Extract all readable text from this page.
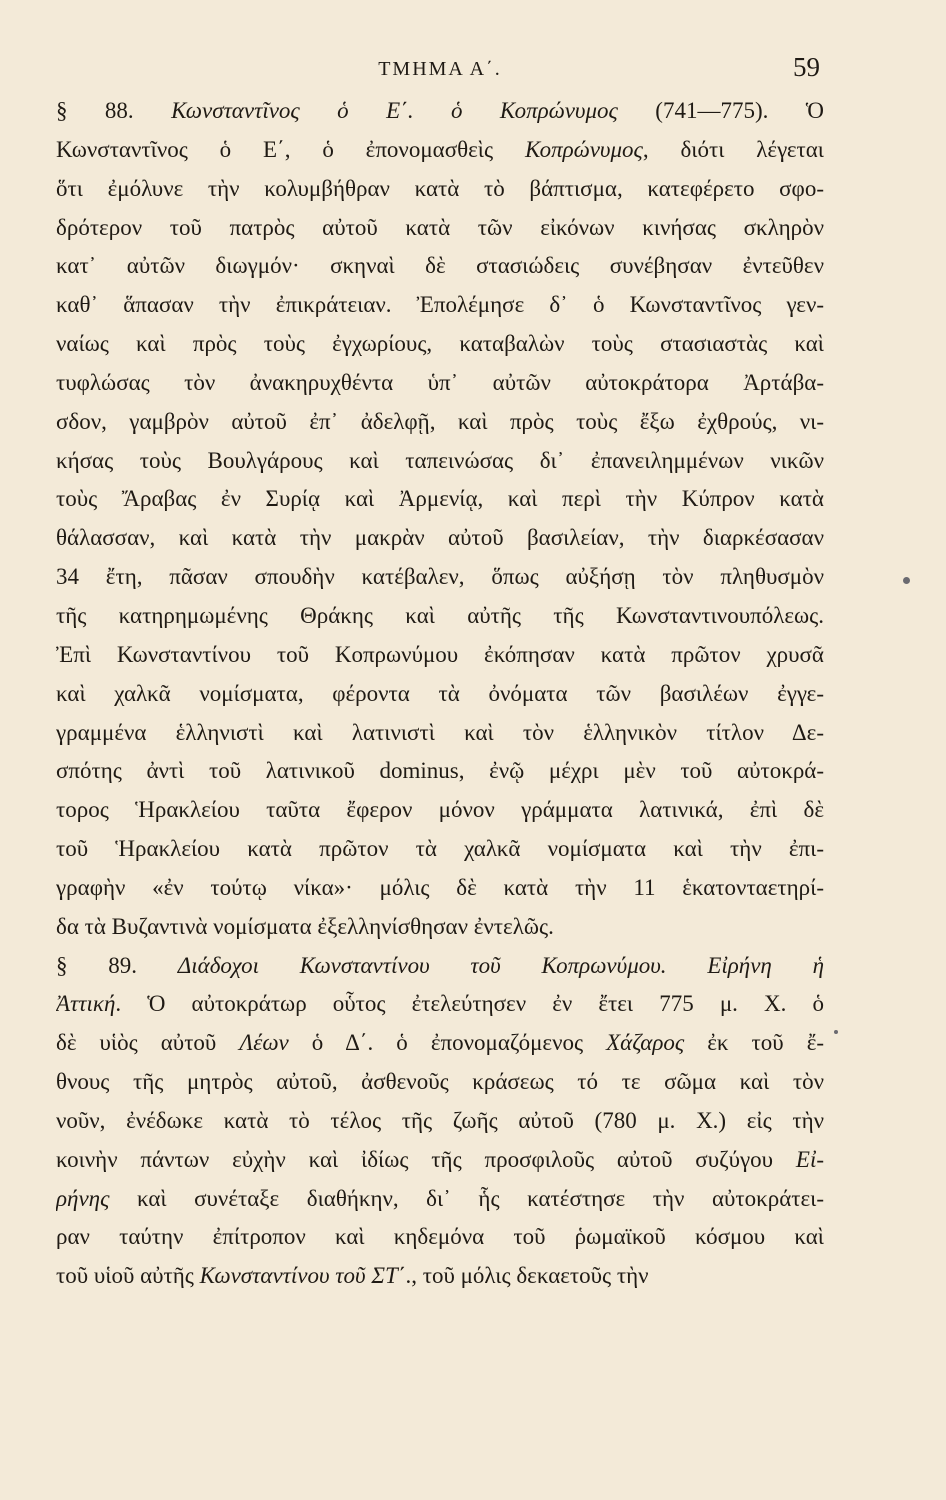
ΤΜΗΜΑ Α΄.	59
§ 88. Κωνσταντῖνος ὁ Ε΄. ὁ Κοπρώνυμος (741—775). Ὁ
Κωνσταντῖνος ὁ Ε΄, ὁ ἐπονομασθεὶς Κοπρώνυμος, διότι λέγεται
ὅτι ἐμόλυνε τὴν κολυμβήθραν κατὰ τὸ βάπτισμα, κατεφέρετο σφο-
δρότερον τοῦ πατρὸς αὐτοῦ κατὰ τῶν εἰκόνων κινήσας σκληρὸν
κατ᾽ αὐτῶν διωγμόν· σκηναὶ δὲ στασιώδεις συνέβησαν ἐντεῦθεν
καθ᾽ ἅπασαν τὴν ἐπικράτειαν. Ἐπολέμησε δ᾽ ὁ Κωνσταντῖνος γεν-
ναίως καὶ πρὸς τοὺς ἐγχωρίους, καταβαλὼν τοὺς στασιαστὰς καὶ
τυφλώσας τὸν ἀνακηρυχθέντα ὑπ᾽ αὐτῶν αὐτοκράτορα Ἀρτάβα-
σδον, γαμβρὸν αὐτοῦ ἐπ᾽ ἀδελφῇ, καὶ πρὸς τοὺς ἔξω ἐχθρούς, νι-
κήσας τοὺς Βουλγάρους καὶ ταπεινώσας δι᾽ ἐπανειλημμένων νικῶν
τοὺς Ἄραβας ἐν Συρίᾳ καὶ Ἀρμενίᾳ, καὶ περὶ τὴν Κύπρον κατὰ
θάλασσαν, καὶ κατὰ τὴν μακρὰν αὐτοῦ βασιλείαν, τὴν διαρκέσασαν
34 ἔτη, πᾶσαν σπουδὴν κατέβαλεν, ὅπως αὐξήσῃ τὸν πληθυσμὸν
τῆς κατηρημωμένης Θράκης καὶ αὐτῆς τῆς Κωνσταντινουπόλεως.
Ἐπὶ Κωνσταντίνου τοῦ Κοπρωνύμου ἐκόπησαν κατὰ πρῶτον χρυσᾶ
καὶ χαλκᾶ νομίσματα, φέροντα τὰ ὀνόματα τῶν βασιλέων ἐγγε-
γραμμένα ἑλληνιστὶ καὶ λατινιστὶ καὶ τὸν ἑλληνικὸν τίτλον Δε-
σπότης ἀντὶ τοῦ λατινικοῦ dominus, ἐνῷ μέχρι μὲν τοῦ αὐτοκρά-
τορος Ἡρακλείου ταῦτα ἔφερον μόνον γράμματα λατινικά, ἐπὶ δὲ
τοῦ Ἡρακλείου κατὰ πρῶτον τὰ χαλκᾶ νομίσματα καὶ τὴν ἐπι-
γραφὴν «ἐν τούτῳ νίκα»· μόλις δὲ κατὰ τὴν 11 ἑκατονταετηρί-
δα τὰ Βυζαντινὰ νομίσματα ἐξελληνίσθησαν ἐντελῶς.
§ 89. Διάδοχοι Κωνσταντίνου τοῦ Κοπρωνύμου. Εἰρήνη ἡ
Ἀττική. Ὁ αὐτοκράτωρ οὗτος ἐτελεύτησεν ἐν ἔτει 775 μ. Χ. ὁ
δὲ υἱὸς αὐτοῦ Λέων ὁ Δ΄. ὁ ἐπονομαζόμενος Χάζαρος ἐκ τοῦ ἔ-
θνους τῆς μητρὸς αὐτοῦ, ἀσθενοῦς κράσεως τό τε σῶμα καὶ τὸν
νοῦν, ἐνέδωκε κατὰ τὸ τέλος τῆς ζωῆς αὐτοῦ (780 μ. Χ.) εἰς τὴν
κοινὴν πάντων εὐχὴν καὶ ἰδίως τῆς προσφιλοῦς αὐτοῦ συζύγου Εἰ-
ρήνης καὶ συνέταξε διαθήκην, δι᾽ ἧς κατέστησε τὴν αὐτοκράτει-
ραν ταύτην ἐπίτροπον καὶ κηδεμόνα τοῦ ῥωμαϊκοῦ κόσμου καὶ
τοῦ υἱοῦ αὐτῆς Κωνσταντίνου τοῦ ΣΤ΄., τοῦ μόλις δεκαετοῦς τὴν
